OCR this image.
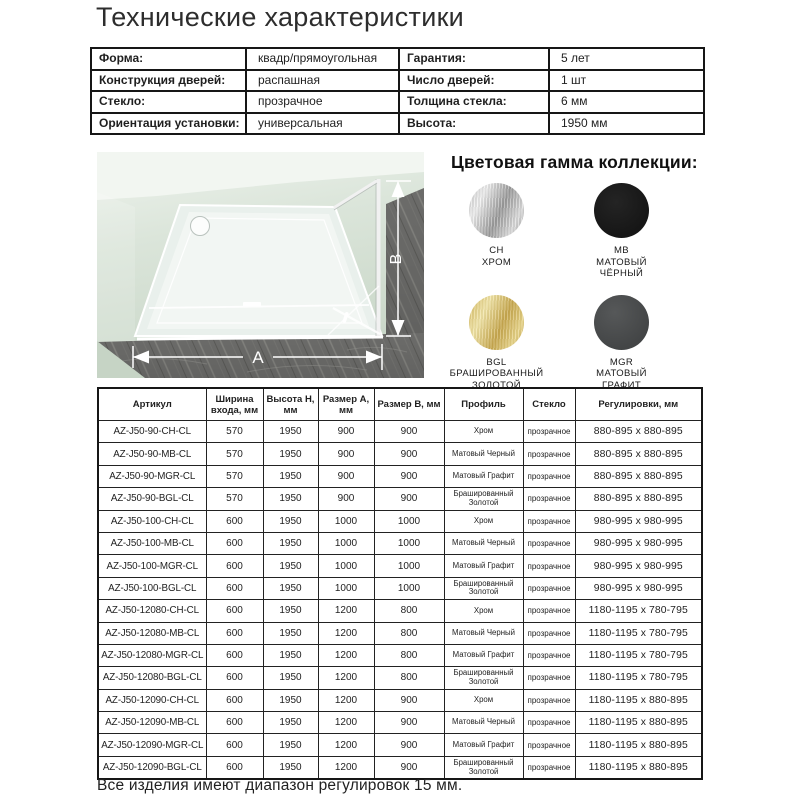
Технические характеристики
Форма:	квадр/прямоугольная	Гарантия:	5 лет
Конструкция дверей:	распашная	Число дверей:	1 шт
Стекло:	прозрачное	Толщина стекла:	6 мм
Ориентация установки:	универсальная	Высота:	1950 мм
A
B
Цветовая гамма коллекции:
CH
ХРОМ
MB
МАТОВЫЙ
ЧЁРНЫЙ
BGL
БРАШИРОВАННЫЙ
ЗОЛОТОЙ
MGR
МАТОВЫЙ
ГРАФИТ
Артикул	Ширина входа, мм	Высота H, мм	Размер A, мм	Размер B, мм	Профиль	Стекло	Регулировки, мм
AZ-J50-90-CH-CL	570	1950	900	900	Хром	прозрачное	880-895 x 880-895
AZ-J50-90-MB-CL	570	1950	900	900	Матовый Черный	прозрачное	880-895 x 880-895
AZ-J50-90-MGR-CL	570	1950	900	900	Матовый Графит	прозрачное	880-895 x 880-895
AZ-J50-90-BGL-CL	570	1950	900	900	Брашированный Золотой	прозрачное	880-895 x 880-895
AZ-J50-100-CH-CL	600	1950	1000	1000	Хром	прозрачное	980-995 x 980-995
AZ-J50-100-MB-CL	600	1950	1000	1000	Матовый Черный	прозрачное	980-995 x 980-995
AZ-J50-100-MGR-CL	600	1950	1000	1000	Матовый Графит	прозрачное	980-995 x 980-995
AZ-J50-100-BGL-CL	600	1950	1000	1000	Брашированный Золотой	прозрачное	980-995 x 980-995
AZ-J50-12080-CH-CL	600	1950	1200	800	Хром	прозрачное	1180-1195 x 780-795
AZ-J50-12080-MB-CL	600	1950	1200	800	Матовый Черный	прозрачное	1180-1195 x 780-795
AZ-J50-12080-MGR-CL	600	1950	1200	800	Матовый Графит	прозрачное	1180-1195 x 780-795
AZ-J50-12080-BGL-CL	600	1950	1200	800	Брашированный Золотой	прозрачное	1180-1195 x 780-795
AZ-J50-12090-CH-CL	600	1950	1200	900	Хром	прозрачное	1180-1195 x 880-895
AZ-J50-12090-MB-CL	600	1950	1200	900	Матовый Черный	прозрачное	1180-1195 x 880-895
AZ-J50-12090-MGR-CL	600	1950	1200	900	Матовый Графит	прозрачное	1180-1195 x 880-895
AZ-J50-12090-BGL-CL	600	1950	1200	900	Брашированный Золотой	прозрачное	1180-1195 x 880-895
Все изделия имеют диапазон регулировок 15 мм.
